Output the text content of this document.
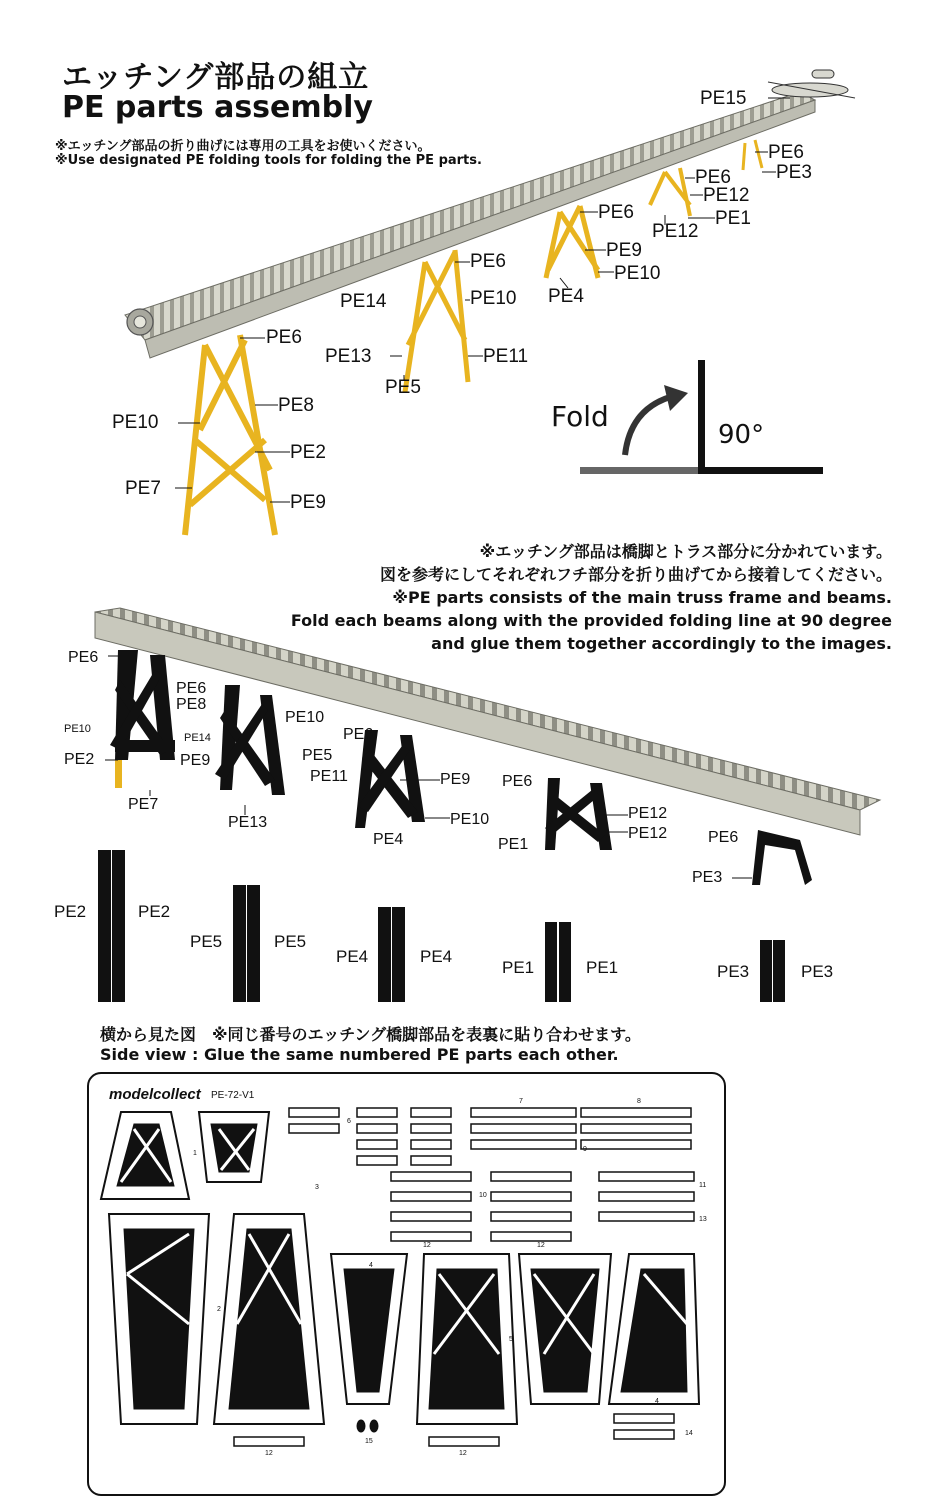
エッチング部品の組立
PE parts assembly
※エッチング部品の折り曲げには専用の工具をお使いください。
※Use designated PE folding tools for folding the PE parts.
PE15
PE6
PE3
PE6
PE12
PE1
PE12
PE6
PE9
PE10
PE4
PE6
PE10
PE14
PE13	PE11
PE5
PE6
PE8
PE10
PE2
PE7
PE9
Fold
90°
※エッチング部品は橋脚とトラス部分に分かれています。
図を参考にしてそれぞれフチ部分を折り曲げてから接着してください。
※PE parts consists of the main truss frame and beams.
Fold each beams along with the provided folding line at 90 degree
and glue them together accordingly to the images.
PE6
PE6
PE8
PE10
PE10
PE14
PE5
PE2	PE9
PE11
PE7
PE13
PE6
PE9
PE10
PE4
PE6
PE12
PE12
PE1	PE6
PE3
PE2	PE2
PE5	PE5
PE4	PE4
PE1	PE1	PE3	PE3
横から見た図　※同じ番号のエッチング橋脚部品を表裏に貼り合わせます。
Side view : Glue the same numbered PE parts each other.
modelcollect PE-72-V1
1
2
3
4
5
6
7	8
9
10
11
12
13
14
15
12
12	12
4
